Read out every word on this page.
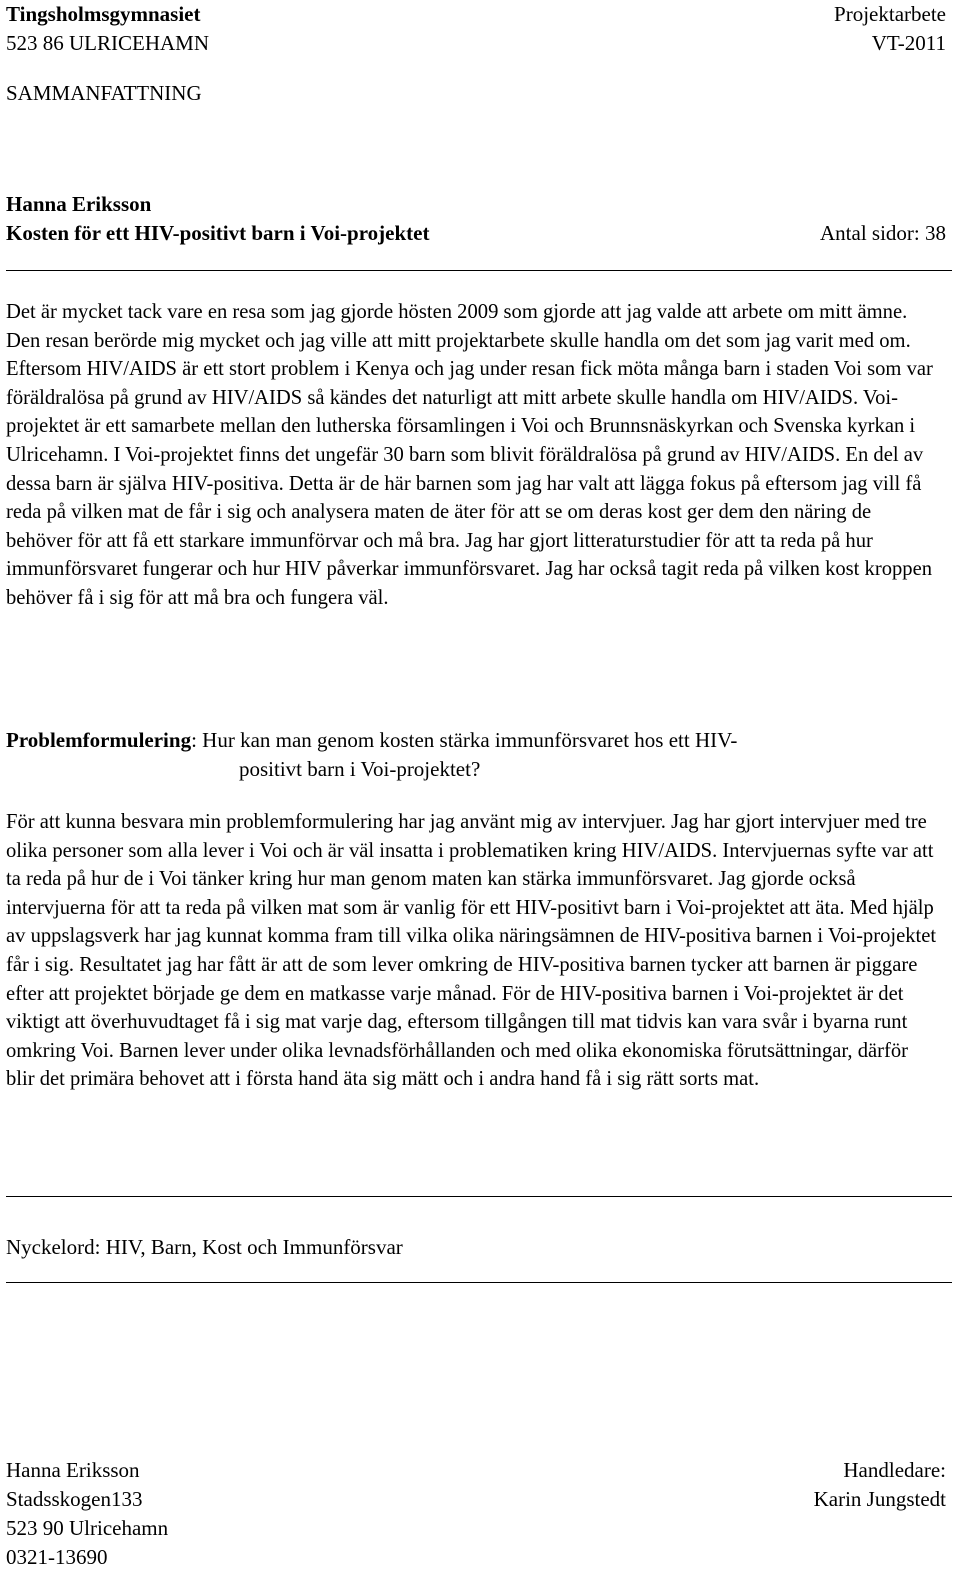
Tingsholmsgymnasiet	Projektarbete
523 86 ULRICEHAMN	VT-2011
SAMMANFATTNING
Hanna Eriksson
Kosten för ett HIV-positivt barn i Voi-projektet	Antal sidor: 38

Det är mycket tack vare en resa som jag gjorde hösten 2009 som gjorde att jag valde att arbete om mitt ämne. Den resan berörde mig mycket och jag ville att mitt projektarbete skulle handla om det som jag varit med om. Eftersom HIV/AIDS är ett stort problem i Kenya och jag under resan fick möta många barn i staden Voi som var föräldralösa på grund av HIV/AIDS så kändes det naturligt att mitt arbete skulle handla om HIV/AIDS. Voi-projektet är ett samarbete mellan den lutherska församlingen i Voi och Brunnsnäskyrkan och Svenska kyrkan i Ulricehamn. I Voi-projektet finns det ungefär 30 barn som blivit föräldralösa på grund av HIV/AIDS. En del av dessa barn är själva HIV-positiva. Detta är de här barnen som jag har valt att lägga fokus på eftersom jag vill få reda på vilken mat de får i sig och analysera maten de äter för att se om deras kost ger dem den näring de behöver för att få ett starkare immunförvar och må bra. Jag har gjort litteraturstudier för att ta reda på hur immunförsvaret fungerar och hur HIV påverkar immunförsvaret. Jag har också tagit reda på vilken kost kroppen behöver få i sig för att må bra och fungera väl.

Problemformulering: Hur kan man genom kosten stärka immunförsvaret hos ett HIV-
positivt barn i Voi-projektet?

För att kunna besvara min problemformulering har jag använt mig av intervjuer. Jag har gjort intervjuer med tre olika personer som alla lever i Voi och är väl insatta i problematiken kring HIV/AIDS. Intervjuernas syfte var att ta reda på hur de i Voi tänker kring hur man genom maten kan stärka immunförsvaret. Jag gjorde också intervjuerna för att ta reda på vilken mat som är vanlig för ett HIV-positivt barn i Voi-projektet att äta. Med hjälp av uppslagsverk har jag kunnat komma fram till vilka olika näringsämnen de HIV-positiva barnen i Voi-projektet får i sig. Resultatet jag har fått är att de som lever omkring de HIV-positiva barnen tycker att barnen är piggare efter att projektet började ge dem en matkasse varje månad. För de HIV-positiva barnen i Voi-projektet är det viktigt att överhuvudtaget få i sig mat varje dag, eftersom tillgången till mat tidvis kan vara svår i byarna runt omkring Voi. Barnen lever under olika levnadsförhållanden och med olika ekonomiska förutsättningar, därför blir det primära behovet att i första hand äta sig mätt och i andra hand få i sig rätt sorts mat.

Nyckelord: HIV, Barn, Kost och Immunförsvar
Hanna Eriksson	Handledare:
Stadsskogen133	Karin Jungstedt
523 90 Ulricehamn
0321-13690
